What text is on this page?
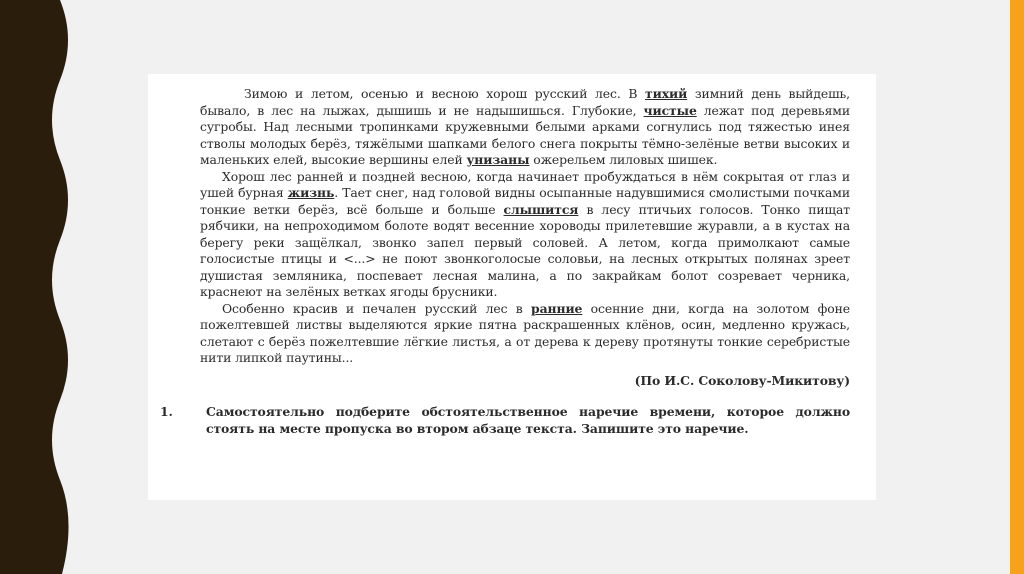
Зимою и летом, осенью и весною хорош русский лес. В тихий зимний день выйдешь, бывало, в лес на лыжах, дышишь и не надышишься. Глубокие, чистые лежат под деревьями сугробы. Над лесными тропинками кружевными белыми арками согнулись под тяжестью инея стволы молодых берёз, тяжёлыми шапками белого снега покрыты тёмно-зелёные ветви высоких и маленьких елей, высокие вершины елей унизаны ожерельем лиловых шишек.

Хорош лес ранней и поздней весною, когда начинает пробуждаться в нём сокрытая от глаз и ушей бурная жизнь. Тает снег, над головой видны осыпанные надувшимися смолистыми почками тонкие ветки берёз, всё больше и больше слышится в лесу птичьих голосов. Тонко пищат рябчики, на непроходимом болоте водят весенние хороводы прилетевшие журавли, а в кустах на берегу реки защёлкал, звонко запел первый соловей. А летом, когда примолкают самые голосистые птицы и <...> не поют звонкоголосые соловьи, на лесных открытых полянах зреет душистая земляника, поспевает лесная малина, а по закрайкам болот созревает черника, краснеют на зелёных ветках ягоды брусники.

Особенно красив и печален русский лес в ранние осенние дни, когда на золотом фоне пожелтевшей листвы выделяются яркие пятна раскрашенных клёнов, осин, медленно кружась, слетают с берёз пожелтевшие лёгкие листья, а от дерева к дереву протянуты тонкие серебристые нити липкой паутины...

(По И.С. Соколову-Микитову)

1.	Самостоятельно подберите обстоятельственное наречие времени, которое должно стоять на месте пропуска во втором абзаце текста. Запишите это наречие.
